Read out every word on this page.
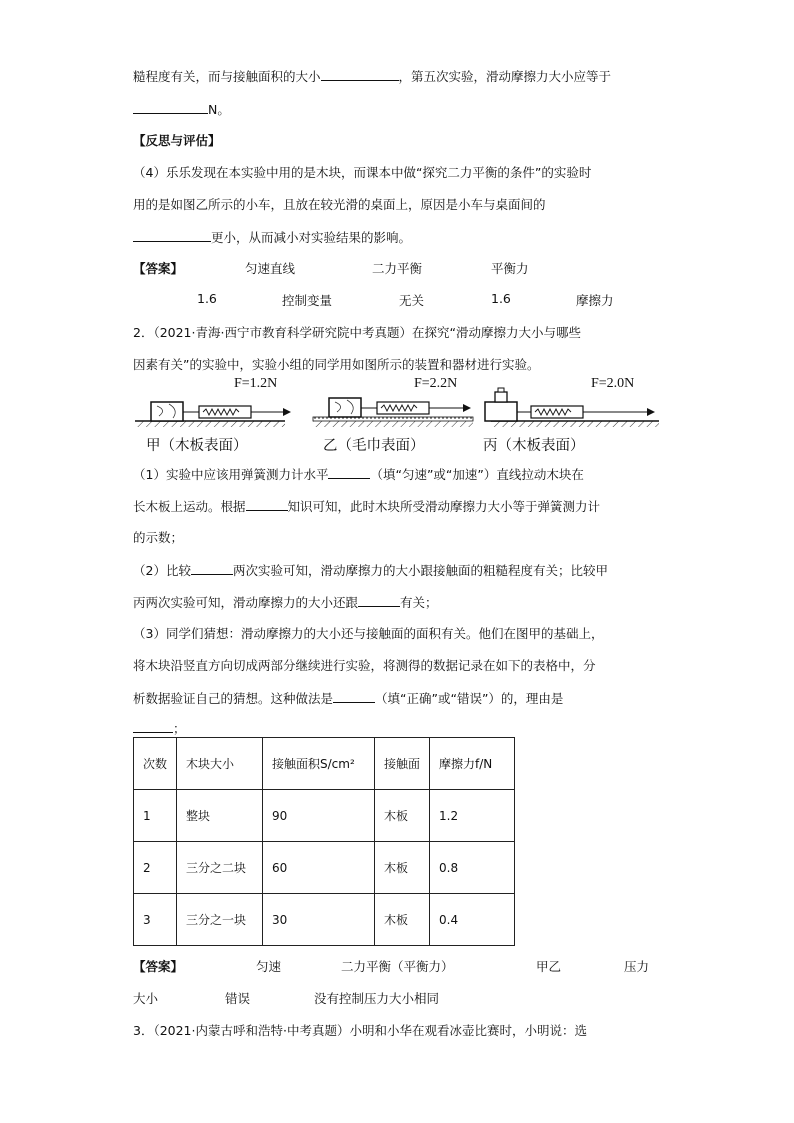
糙程度有关，而与接触面积的大小	，第五次实验，滑动摩擦力大小应等于
N。
【反思与评估】
（4）乐乐发现在本实验中用的是木块，而课本中做“探究二力平衡的条件”的实验时
用的是如图乙所示的小车，且放在较光滑的桌面上，原因是小车与桌面间的
更小，从而减小对实验结果的影响。
【答案】	匀速直线	二力平衡	平衡力
1.6	控制变量	无关	1.6	摩擦力
2．（2021·青海·西宁市教育科学研究院中考真题）在探究“滑动摩擦力大小与哪些
因素有关”的实验中，实验小组的同学用如图所示的装置和器材进行实验。
F=1.2N	F=2.2N	F=2.0N
甲（木板表面）	乙（毛巾表面）	丙（木板表面）
（1）实验中应该用弹簧测力计水平	（填“匀速”或“加速”）直线拉动木块在
长木板上运动。根据	知识可知，此时木块所受滑动摩擦力大小等于弹簧测力计
的示数；
（2）比较	两次实验可知，滑动摩擦力的大小跟接触面的粗糙程度有关；比较甲
丙两次实验可知，滑动摩擦力的大小还跟	有关；
（3）同学们猜想：滑动摩擦力的大小还与接触面的面积有关。他们在图甲的基础上，
将木块沿竖直方向切成两部分继续进行实验，将测得的数据记录在如下的表格中，分
析数据验证自己的猜想。这种做法是	（填“正确”或“错误”）的，理由是
；
次数	木块大小	接触面积S/cm²	接触面	摩擦力f/N
1	整块	90	木板	1.2
2	三分之二块	60	木板	0.8
3	三分之一块	30	木板	0.4
【答案】	匀速	二力平衡（平衡力）	甲乙	压力
大小	错误	没有控制压力大小相同
3．（2021·内蒙古呼和浩特·中考真题）小明和小华在观看冰壶比赛时，小明说：选
